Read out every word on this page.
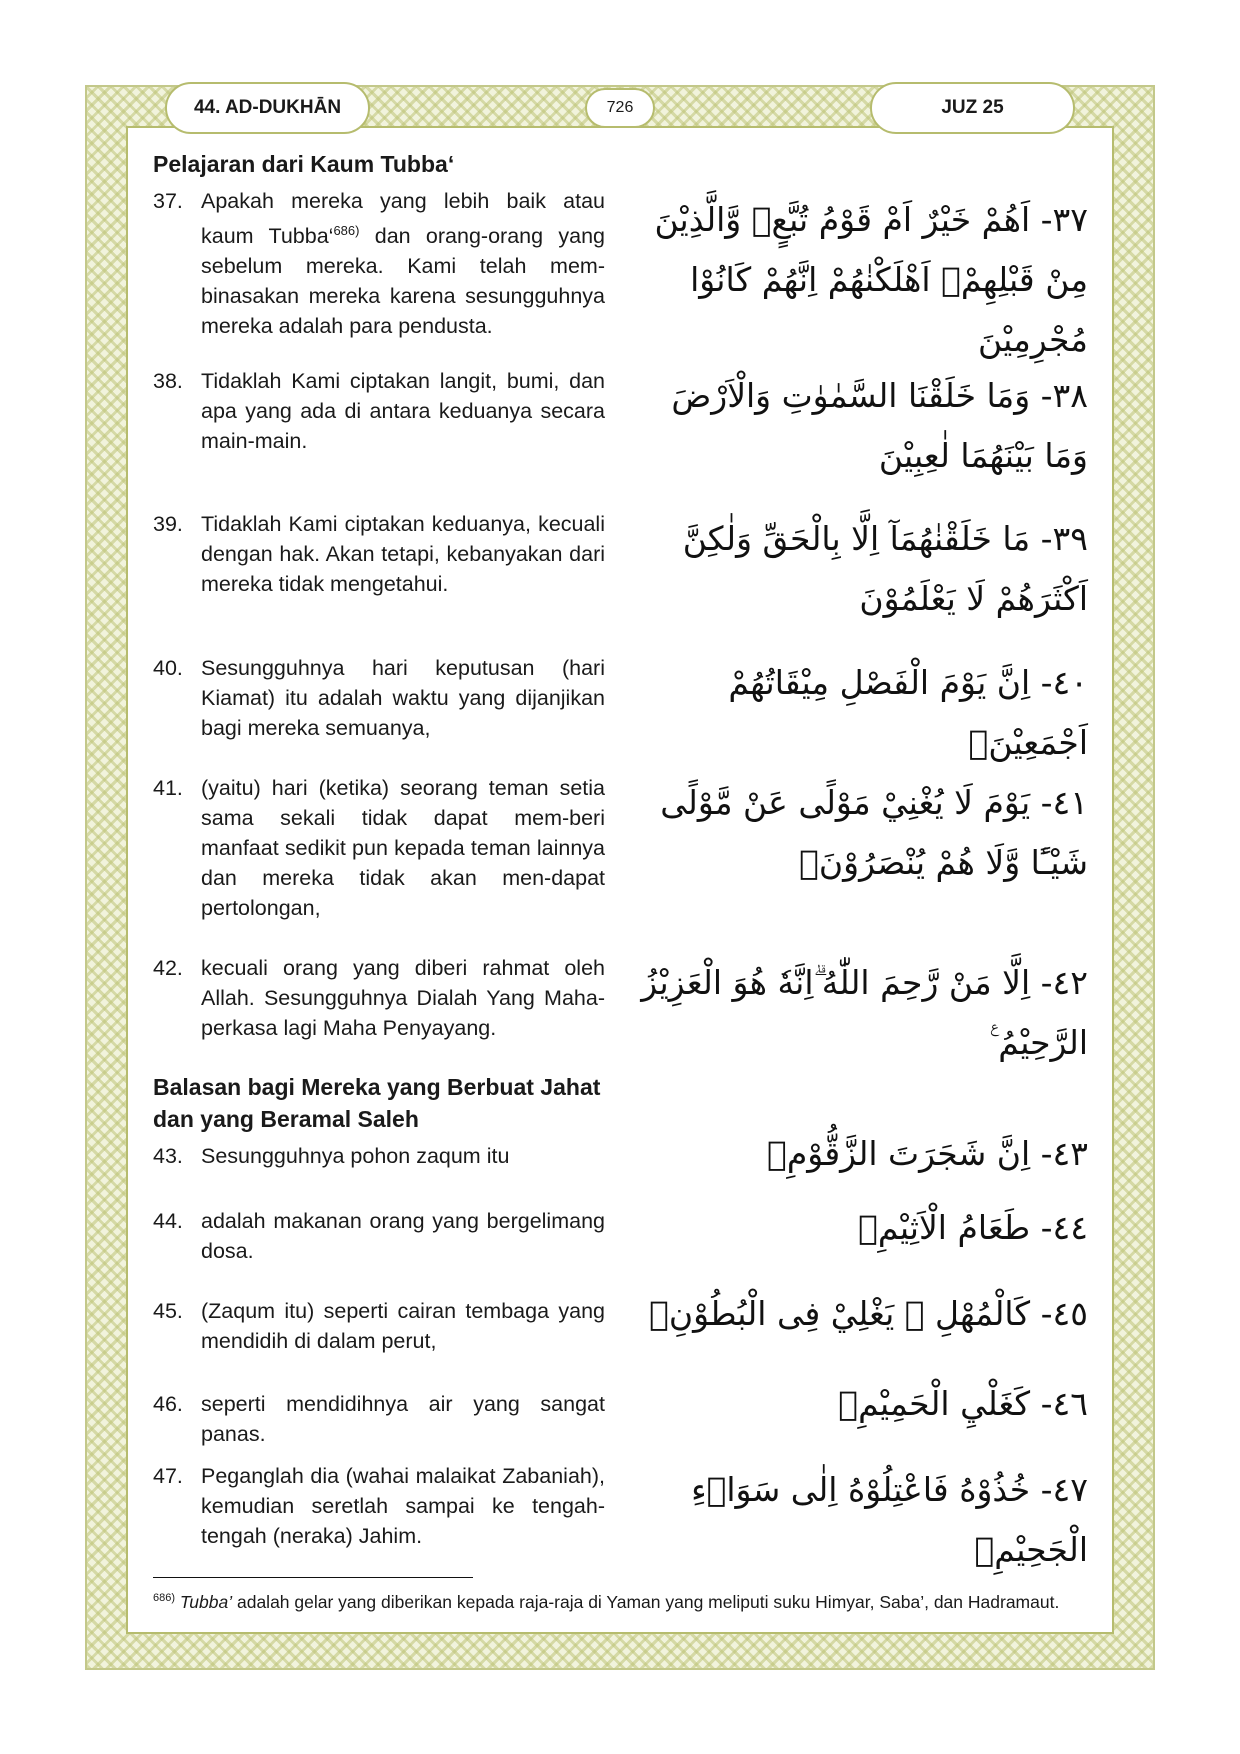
44. AD-DUKHĀN	726	JUZ 25
Pelajaran dari Kaum Tubba‘
37. Apakah mereka yang lebih baik atau kaum Tubba‘$^{686)}$ dan orang-orang yang sebelum mereka. Kami telah mem-binasakan mereka karena sesungguhnya mereka adalah para pendusta.
٣٧- اَهُمْ خَيْرٌ اَمْ قَوْمُ تُبَّعٍۙ وَّالَّذِيْنَ مِنْ قَبْلِهِمْۗ اَهْلَكْنٰهُمْ اِنَّهُمْ كَانُوْا مُجْرِمِيْنَ
38. Tidaklah Kami ciptakan langit, bumi, dan apa yang ada di antara keduanya secara main-main.
٣٨- وَمَا خَلَقْنَا السَّمٰوٰتِ وَالْاَرْضَ وَمَا بَيْنَهُمَا لٰعِبِيْنَ
39. Tidaklah Kami ciptakan keduanya, kecuali dengan hak. Akan tetapi, kebanyakan dari mereka tidak mengetahui.
٣٩- مَا خَلَقْنٰهُمَآ اِلَّا بِالْحَقِّ وَلٰكِنَّ اَكْثَرَهُمْ لَا يَعْلَمُوْنَ
40. Sesungguhnya hari keputusan (hari Kiamat) itu adalah waktu yang dijanjikan bagi mereka semuanya,
٤٠- اِنَّ يَوْمَ الْفَصْلِ مِيْقَاتُهُمْ اَجْمَعِيْنَۙ
41. (yaitu) hari (ketika) seorang teman setia sama sekali tidak dapat mem-beri manfaat sedikit pun kepada teman lainnya dan mereka tidak akan men-dapat pertolongan,
٤١- يَوْمَ لَا يُغْنِيْ مَوْلًى عَنْ مَّوْلًى شَيْـًٔا وَّلَا هُمْ يُنْصَرُوْنَۙ
42. kecuali orang yang diberi rahmat oleh Allah. Sesungguhnya Dialah Yang Maha-perkasa lagi Maha Penyayang.
٤٢- اِلَّا مَنْ رَّحِمَ اللّٰهُ ۗاِنَّهٗ هُوَ الْعَزِيْزُ الرَّحِيْمُ ࣖ
Balasan bagi Mereka yang Berbuat Jahat
dan yang Beramal Saleh
43. Sesungguhnya pohon zaqum itu	٤٣- اِنَّ شَجَرَتَ الزَّقُّوْمِۙ
44. adalah makanan orang yang bergelimang dosa.
٤٤- طَعَامُ الْاَثِيْمِۛ
45. (Zaqum itu) seperti cairan tembaga yang mendidih di dalam perut,
٤٥- كَالْمُهْلِ ۛ يَغْلِيْ فِى الْبُطُوْنِۙ
46. seperti mendidihnya air yang sangat panas.
٤٦- كَغَلْيِ الْحَمِيْمِۗ
47. Peganglah dia (wahai malaikat Zabaniah), kemudian seretlah sampai ke tengah-tengah (neraka) Jahim.
٤٧- خُذُوْهُ فَاعْتِلُوْهُ اِلٰى سَوَاۤءِ الْجَحِيْمِۙ
$^{686)}$ Tubba’ adalah gelar yang diberikan kepada raja-raja di Yaman yang meliputi suku Himyar, Saba’, dan Hadramaut.
